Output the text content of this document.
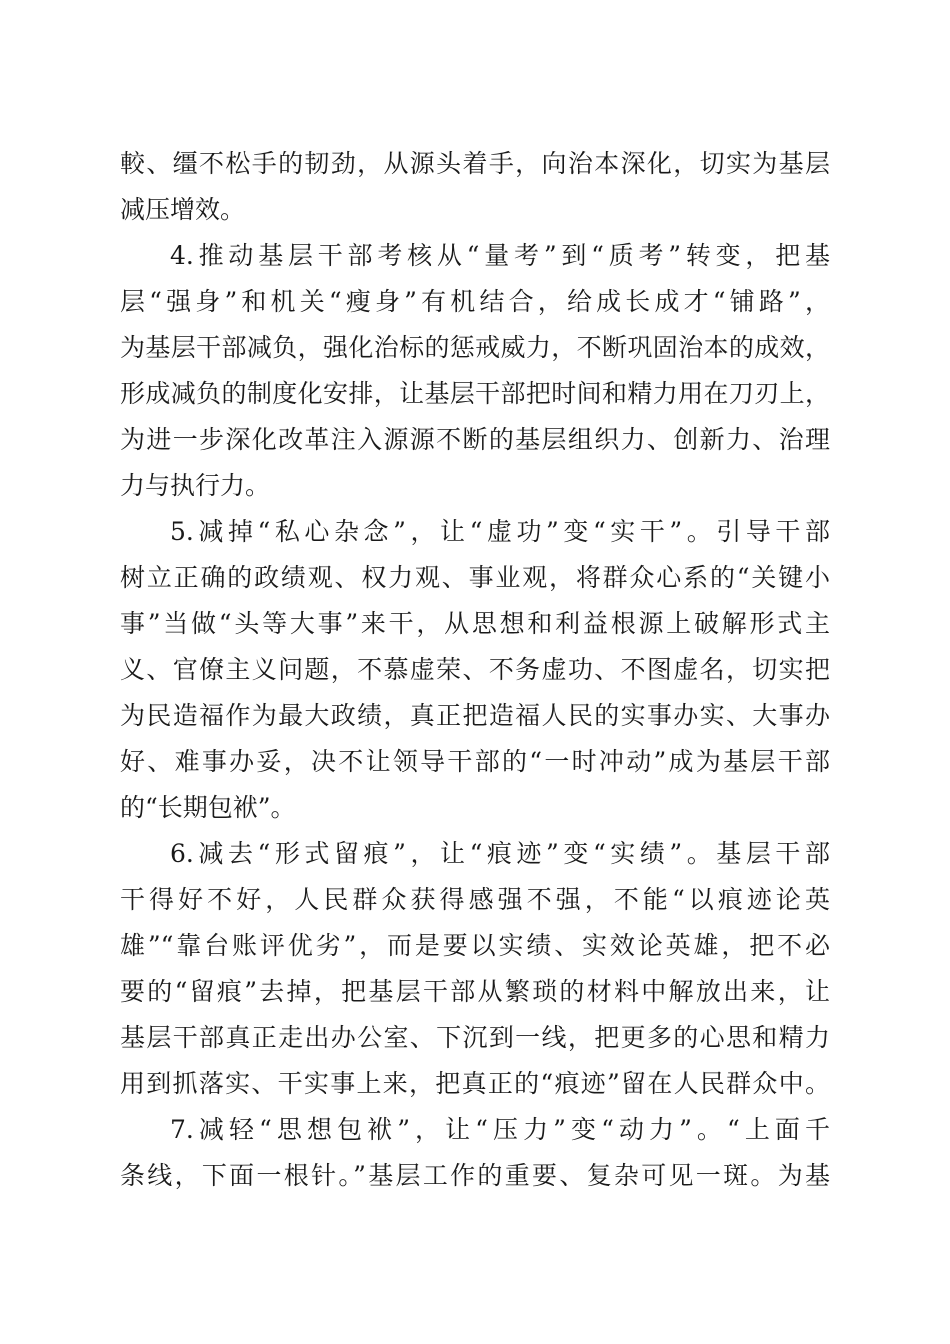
較、缰不松手的韧劲，从源头着手，向治本深化，切实为基层
减压增效。
4.推动基层干部考核从“量考”到“质考”转变，把基
层“强身”和机关“瘦身”有机结合，给成长成才“铺路”，
为基层干部减负，强化治标的惩戒威力，不断巩固治本的成效，
形成减负的制度化安排，让基层干部把时间和精力用在刀刃上，
为进一步深化改革注入源源不断的基层组织力、创新力、治理
力与执行力。
5.减掉“私心杂念”，让“虚功”变“实干”。引导干部
树立正确的政绩观、权力观、事业观，将群众心系的“关键小
事”当做“头等大事”来干，从思想和利益根源上破解形式主
义、官僚主义问题，不慕虚荣、不务虚功、不图虚名，切实把
为民造福作为最大政绩，真正把造福人民的实事办实、大事办
好、难事办妥，决不让领导干部的“一时冲动”成为基层干部
的“长期包袱”。
6.减去“形式留痕”，让“痕迹”变“实绩”。基层干部
干得好不好，人民群众获得感强不强，不能“以痕迹论英
雄”“靠台账评优劣”，而是要以实绩、实效论英雄，把不必
要的“留痕”去掉，把基层干部从繁琐的材料中解放出来，让
基层干部真正走出办公室、下沉到一线，把更多的心思和精力
用到抓落实、干实事上来，把真正的“痕迹”留在人民群众中。
7.减轻“思想包袱”，让“压力”变“动力”。“上面千
条线，下面一根针。”基层工作的重要、复杂可见一斑。为基
